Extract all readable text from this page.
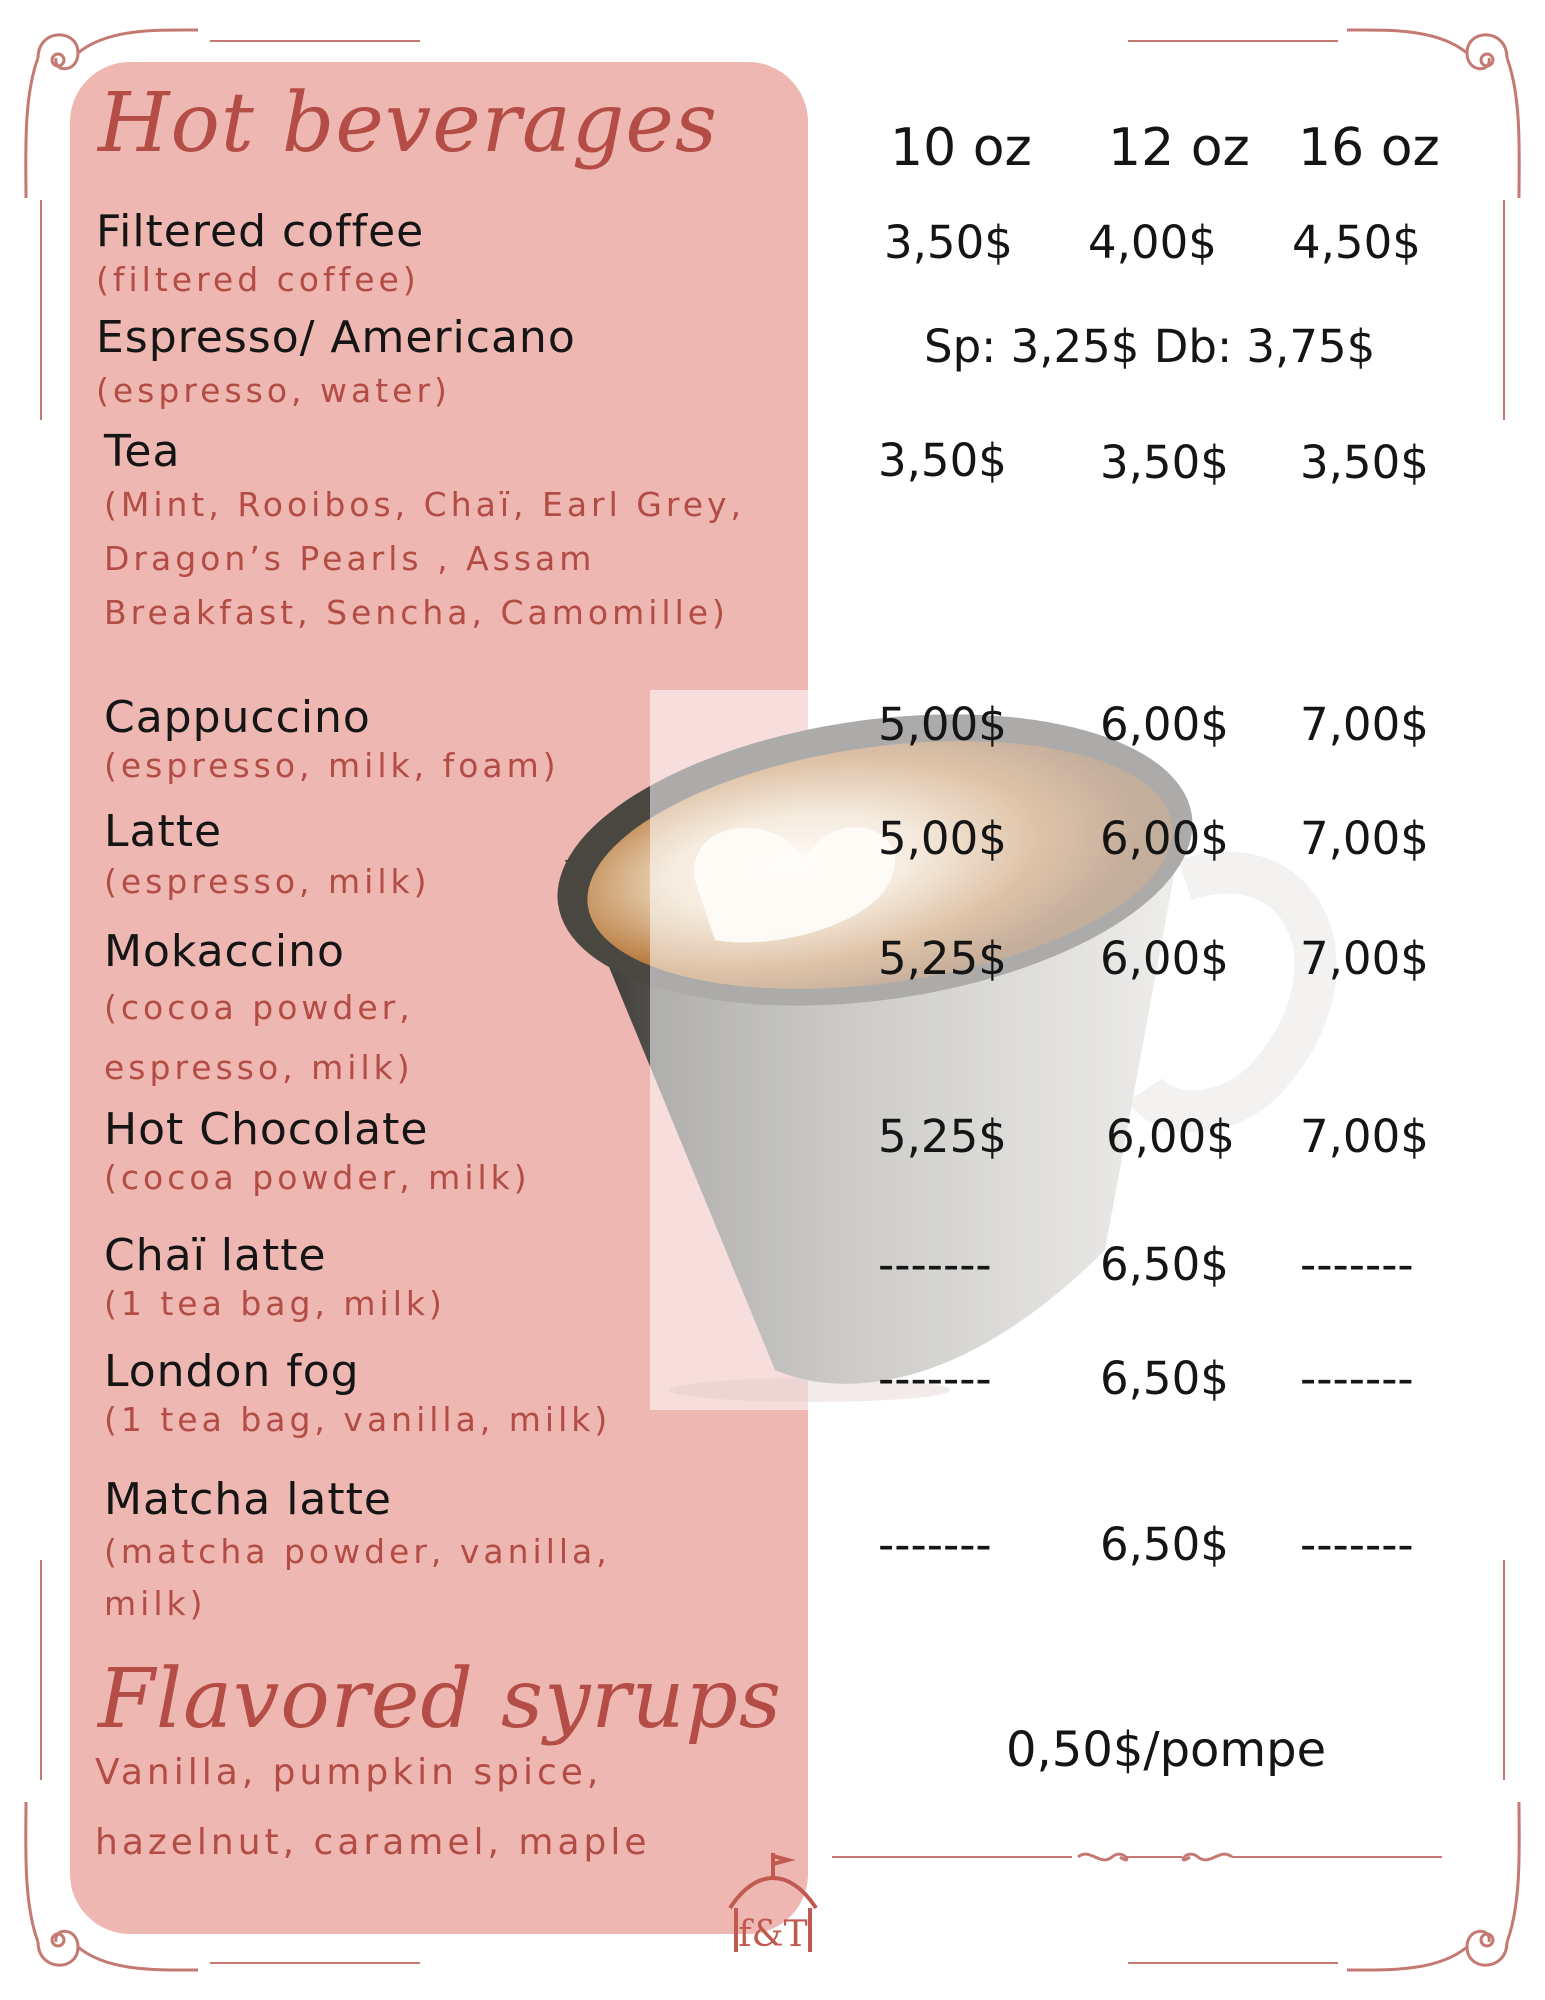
Hot beverages
Flavored syrups
10 oz 12 oz 16 oz
Filtered coffee
(filtered coffee)
Espresso/ Americano
(espresso, water)
Tea
(Mint, Rooibos, Chaï, Earl Grey, Dragon’s Pearls , Assam Breakfast, Sencha, Camomille)
Cappuccino
(espresso, milk, foam)
Latte
(espresso, milk)
Mokaccino
(cocoa powder, espresso, milk)
Hot Chocolate
(cocoa powder, milk)
Chaï latte
(1 tea bag, milk)
London fog
(1 tea bag, vanilla, milk)
Matcha latte
(matcha powder, vanilla, milk)
3,50$ 4,00$ 4,50$
Sp: 3,25$ Db: 3,75$
3,50$ 3,50$ 3,50$
5,00$ 6,00$ 7,00$
5,00$ 6,00$ 7,00$
5,25$ 6,00$ 7,00$
5,25$ 6,00$ 7,00$
------- 6,50$ -------
------- 6,50$ -------
------- 6,50$ -------
Vanilla, pumpkin spice, hazelnut, caramel, maple
0,50$/pompe
f&T
